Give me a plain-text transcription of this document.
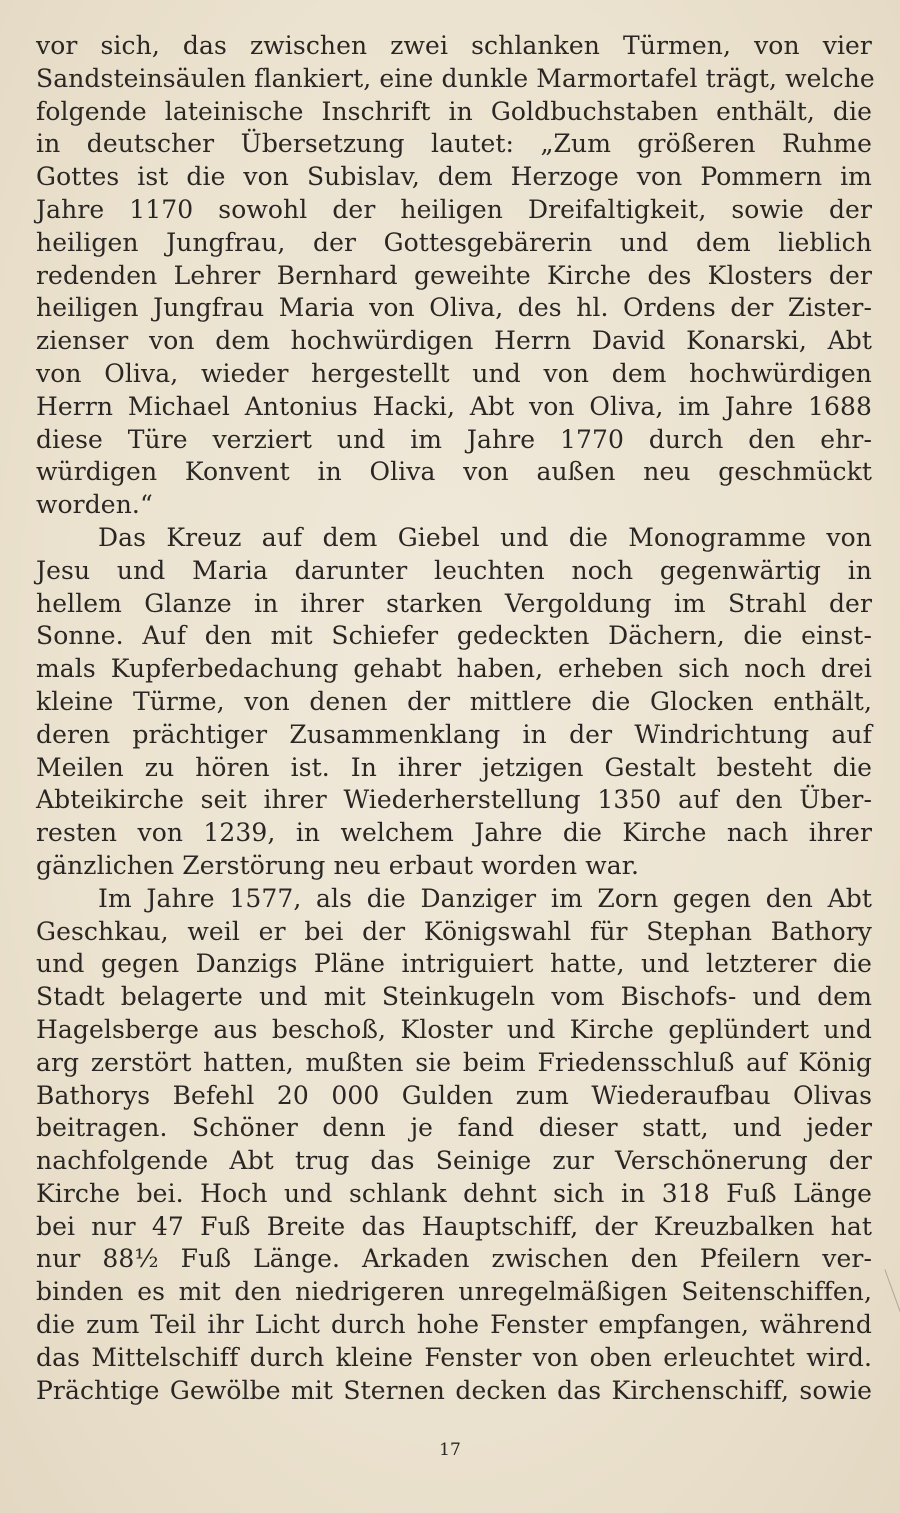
vor sich, das zwischen zwei schlanken Türmen, von vier
Sandsteinsäulen flankiert, eine dunkle Marmortafel trägt, welche
folgende lateinische Inschrift in Goldbuchstaben enthält, die
in deutscher Übersetzung lautet: „Zum größeren Ruhme
Gottes ist die von Subislav, dem Herzoge von Pommern im
Jahre 1170 sowohl der heiligen Dreifaltigkeit, sowie der
heiligen Jungfrau, der Gottesgebärerin und dem lieblich
redenden Lehrer Bernhard geweihte Kirche des Klosters der
heiligen Jungfrau Maria von Oliva, des hl. Ordens der Zister-
zienser von dem hochwürdigen Herrn David Konarski, Abt
von Oliva, wieder hergestellt und von dem hochwürdigen
Herrn Michael Antonius Hacki, Abt von Oliva, im Jahre 1688
diese Türe verziert und im Jahre 1770 durch den ehr-
würdigen Konvent in Oliva von außen neu geschmückt
worden.“
Das Kreuz auf dem Giebel und die Monogramme von
Jesu und Maria darunter leuchten noch gegenwärtig in
hellem Glanze in ihrer starken Vergoldung im Strahl der
Sonne. Auf den mit Schiefer gedeckten Dächern, die einst-
mals Kupferbedachung gehabt haben, erheben sich noch drei
kleine Türme, von denen der mittlere die Glocken enthält,
deren prächtiger Zusammenklang in der Windrichtung auf
Meilen zu hören ist. In ihrer jetzigen Gestalt besteht die
Abteikirche seit ihrer Wiederherstellung 1350 auf den Über-
resten von 1239, in welchem Jahre die Kirche nach ihrer
gänzlichen Zerstörung neu erbaut worden war.
Im Jahre 1577, als die Danziger im Zorn gegen den Abt
Geschkau, weil er bei der Königswahl für Stephan Bathory
und gegen Danzigs Pläne intriguiert hatte, und letzterer die
Stadt belagerte und mit Steinkugeln vom Bischofs- und dem
Hagelsberge aus beschoß, Kloster und Kirche geplündert und
arg zerstört hatten, mußten sie beim Friedensschluß auf König
Bathorys Befehl 20 000 Gulden zum Wiederaufbau Olivas
beitragen. Schöner denn je fand dieser statt, und jeder
nachfolgende Abt trug das Seinige zur Verschönerung der
Kirche bei. Hoch und schlank dehnt sich in 318 Fuß Länge
bei nur 47 Fuß Breite das Hauptschiff, der Kreuzbalken hat
nur 88½ Fuß Länge. Arkaden zwischen den Pfeilern ver-
binden es mit den niedrigeren unregelmäßigen Seitenschiffen,
die zum Teil ihr Licht durch hohe Fenster empfangen, während
das Mittelschiff durch kleine Fenster von oben erleuchtet wird.
Prächtige Gewölbe mit Sternen decken das Kirchenschiff, sowie
17
